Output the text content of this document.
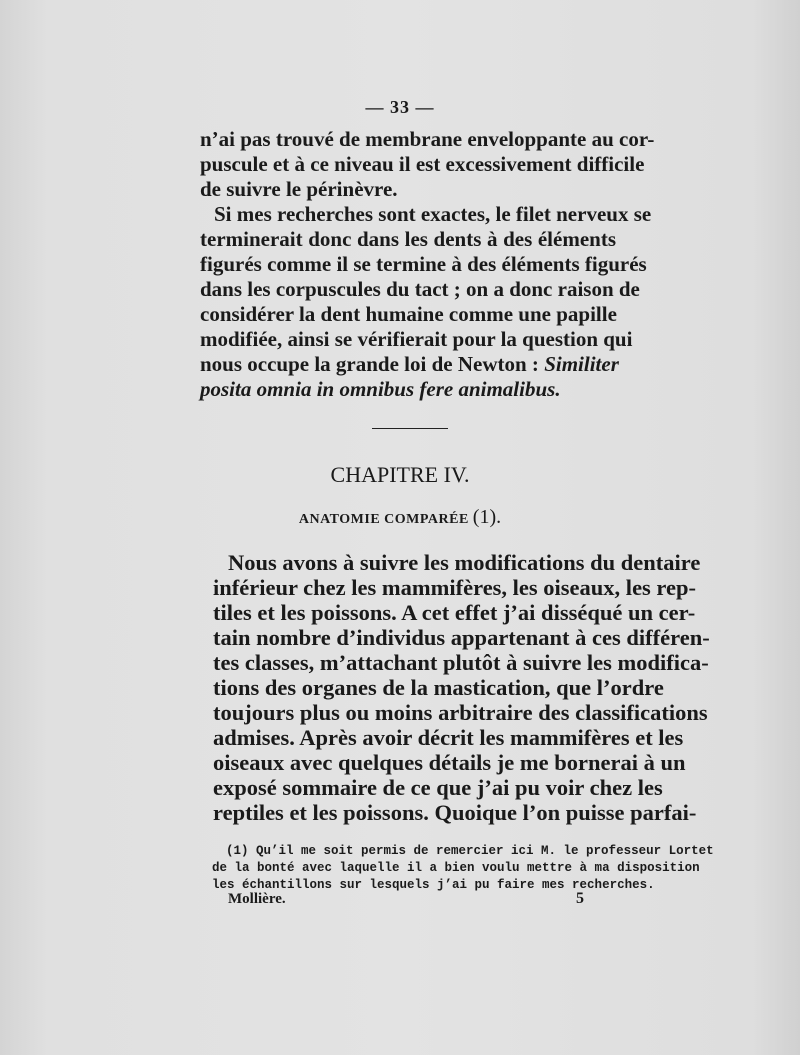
— 33 —
n’ai pas trouvé de membrane enveloppante au cor-
puscule et à ce niveau il est excessivement difficile
de suivre le périnèvre.
Si mes recherches sont exactes, le filet nerveux se
terminerait donc dans les dents à des éléments
figurés comme il se termine à des éléments figurés
dans les corpuscules du tact ; on a donc raison de
considérer la dent humaine comme une papille
modifiée, ainsi se vérifierait pour la question qui
nous occupe la grande loi de Newton : Similiter
posita omnia in omnibus fere animalibus.
CHAPITRE IV.
ANATOMIE COMPARÉE (1).
Nous avons à suivre les modifications du dentaire
inférieur chez les mammifères, les oiseaux, les rep-
tiles et les poissons. A cet effet j’ai disséqué un cer-
tain nombre d’individus appartenant à ces différen-
tes classes, m’attachant plutôt à suivre les modifica-
tions des organes de la mastication, que l’ordre
toujours plus ou moins arbitraire des classifications
admises. Après avoir décrit les mammifères et les
oiseaux avec quelques détails je me bornerai à un
exposé sommaire de ce que j’ai pu voir chez les
reptiles et les poissons. Quoique l’on puisse parfai-
(1) Qu’il me soit permis de remercier ici M. le professeur Lortet
de la bonté avec laquelle il a bien voulu mettre à ma disposition
les échantillons sur lesquels j’ai pu faire mes recherches.
Mollière.	5
